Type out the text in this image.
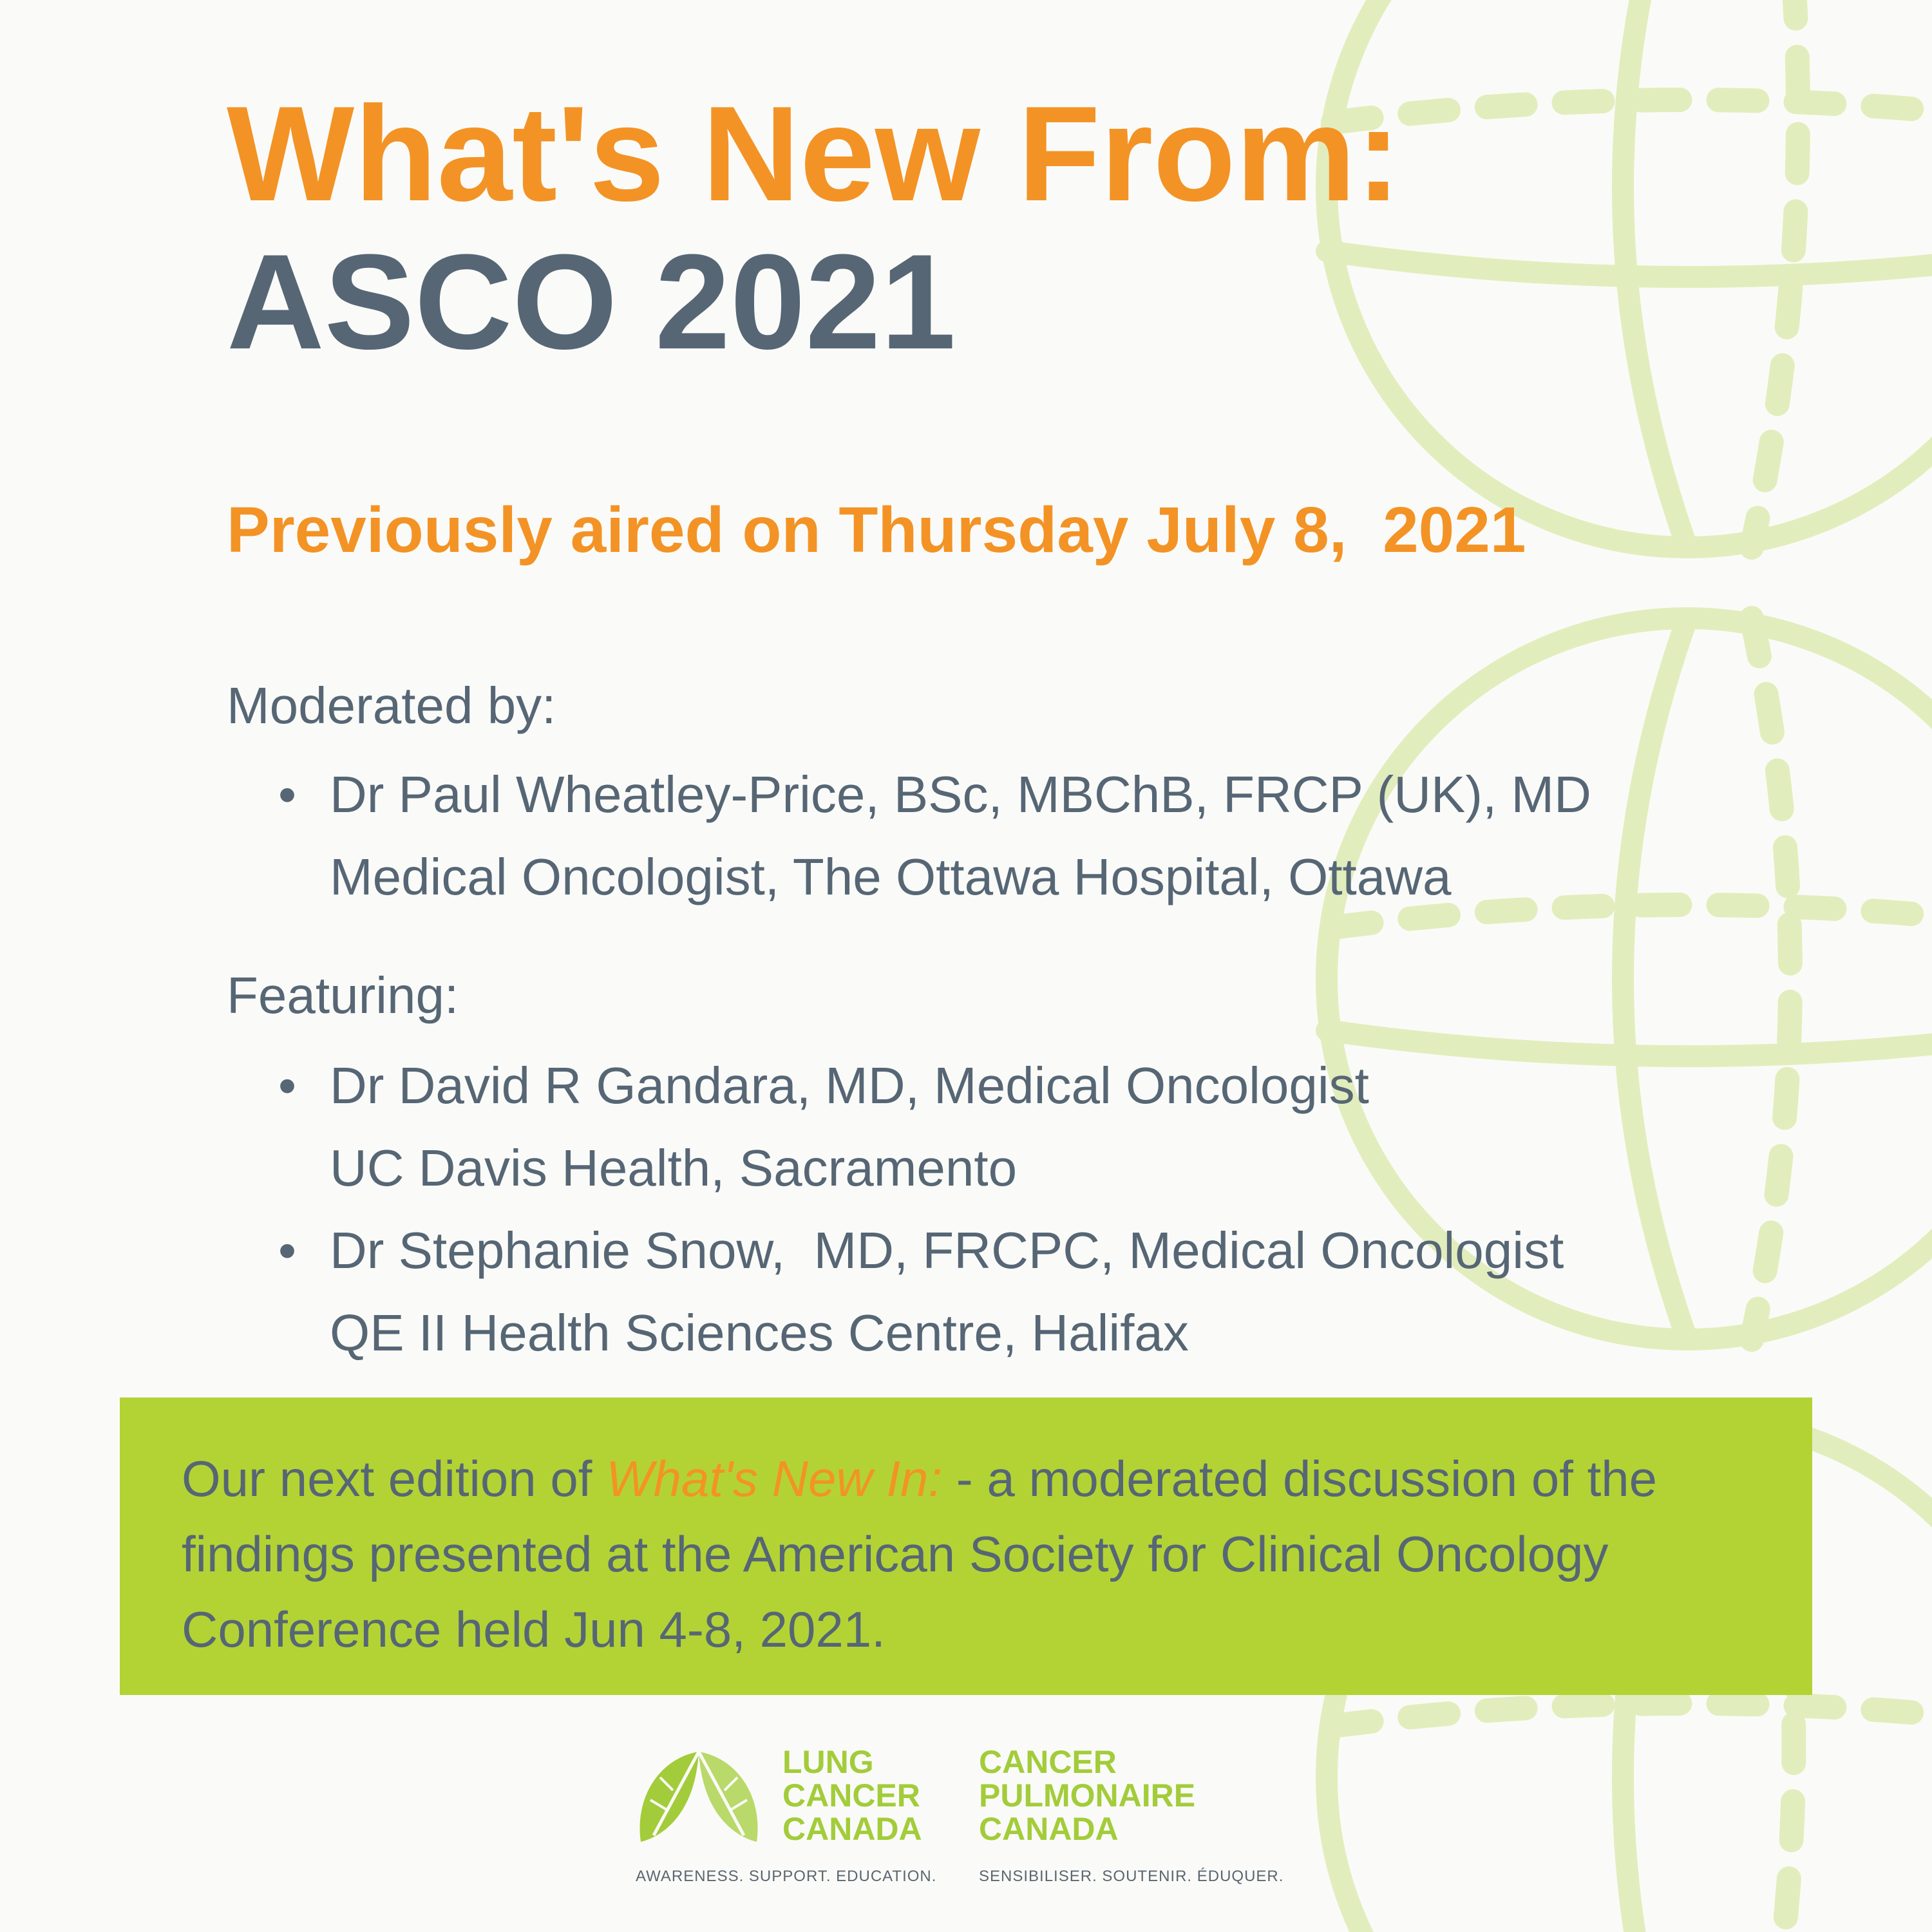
What's New From:
ASCO 2021
Previously aired on Thursday July 8,  2021
Moderated by:
• Dr Paul Wheatley-Price, BSc, MBChB, FRCP (UK), MD
Medical Oncologist, The Ottawa Hospital, Ottawa
Featuring:
• Dr David R Gandara, MD, Medical Oncologist
UC Davis Health, Sacramento
• Dr Stephanie Snow,  MD, FRCPC, Medical Oncologist
QE II Health Sciences Centre, Halifax
Our next edition of What's New In: - a moderated discussion of the findings presented at the American Society for Clinical Oncology Conference held Jun 4-8, 2021.
LUNG
CANCER
CANADA
CANCER
PULMONAIRE
CANADA
AWARENESS. SUPPORT. EDUCATION.	SENSIBILISER. SOUTENIR. ÉDUQUER.
